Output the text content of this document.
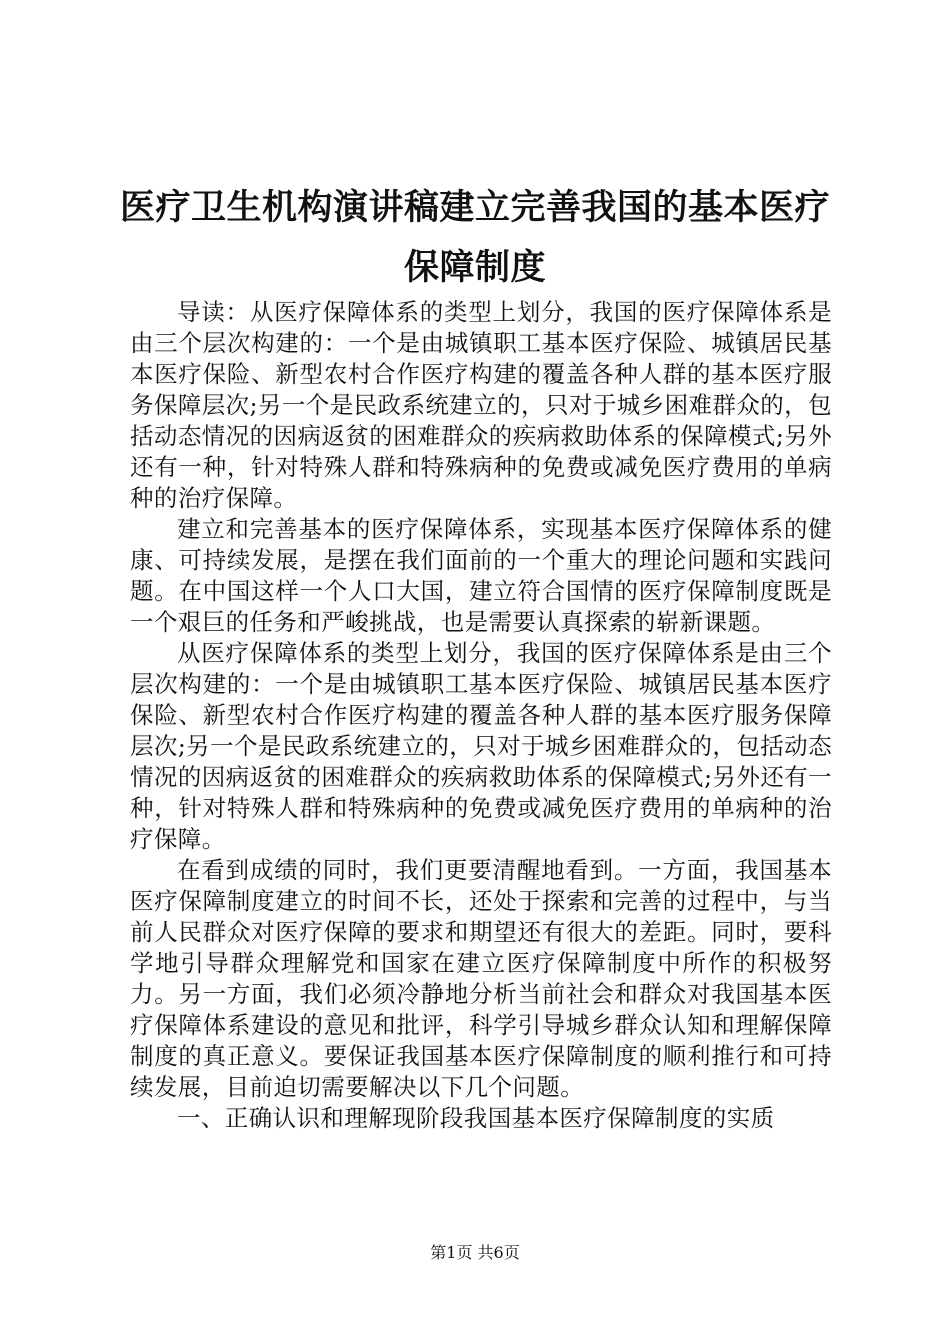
医疗卫生机构演讲稿建立完善我国的基本医疗
保障制度

导读：从医疗保障体系的类型上划分，我国的医疗保障体系是由三个层次构建的：一个是由城镇职工基本医疗保险、城镇居民基本医疗保险、新型农村合作医疗构建的覆盖各种人群的基本医疗服务保障层次;另一个是民政系统建立的，只对于城乡困难群众的，包括动态情况的因病返贫的困难群众的疾病救助体系的保障模式;另外还有一种，针对特殊人群和特殊病种的免费或减免医疗费用的单病种的治疗保障。

建立和完善基本的医疗保障体系，实现基本医疗保障体系的健康、可持续发展，是摆在我们面前的一个重大的理论问题和实践问题。在中国这样一个人口大国，建立符合国情的医疗保障制度既是一个艰巨的任务和严峻挑战，也是需要认真探索的崭新课题。

从医疗保障体系的类型上划分，我国的医疗保障体系是由三个层次构建的：一个是由城镇职工基本医疗保险、城镇居民基本医疗保险、新型农村合作医疗构建的覆盖各种人群的基本医疗服务保障层次;另一个是民政系统建立的，只对于城乡困难群众的，包括动态情况的因病返贫的困难群众的疾病救助体系的保障模式;另外还有一种，针对特殊人群和特殊病种的免费或减免医疗费用的单病种的治疗保障。

在看到成绩的同时，我们更要清醒地看到。一方面，我国基本医疗保障制度建立的时间不长，还处于探索和完善的过程中，与当前人民群众对医疗保障的要求和期望还有很大的差距。同时，要科学地引导群众理解党和国家在建立医疗保障制度中所作的积极努力。另一方面，我们必须冷静地分析当前社会和群众对我国基本医疗保障体系建设的意见和批评，科学引导城乡群众认知和理解保障制度的真正意义。要保证我国基本医疗保障制度的顺利推行和可持续发展，目前迫切需要解决以下几个问题。

一、正确认识和理解现阶段我国基本医疗保障制度的实质

第1页 共6页
